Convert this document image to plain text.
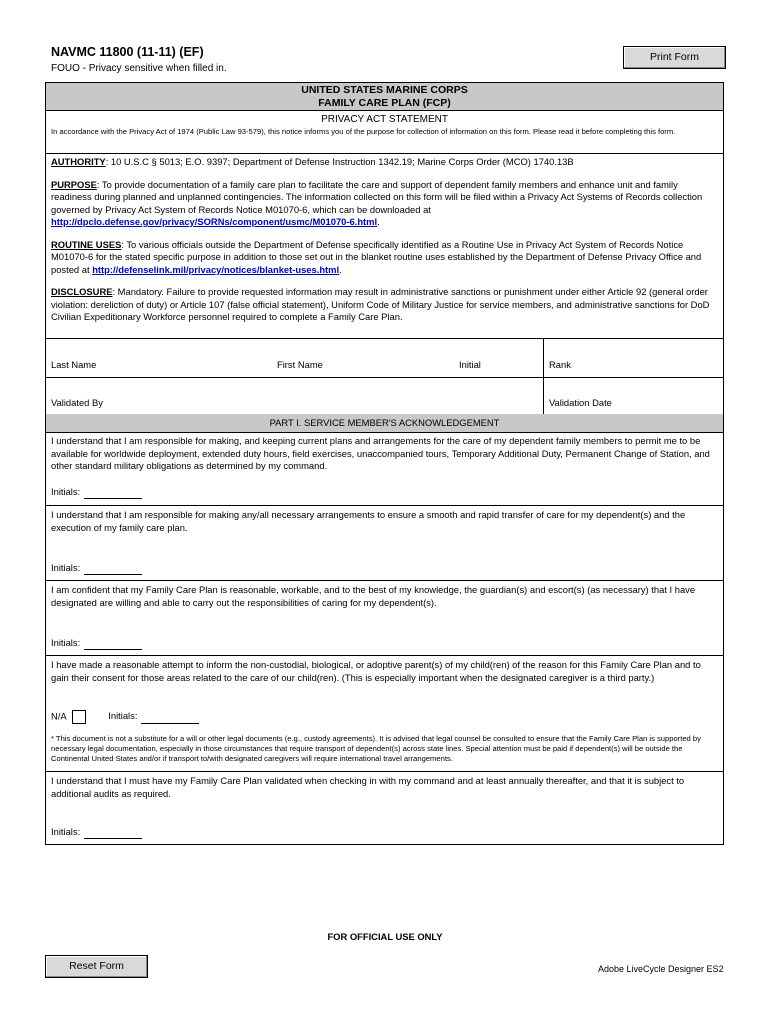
NAVMC 11800 (11-11) (EF)
FOUO - Privacy sensitive when filled in.
Print Form
UNITED STATES MARINE CORPS
FAMILY CARE PLAN (FCP)
PRIVACY ACT STATEMENT
In accordance with the Privacy Act of 1974 (Public Law 93-579), this notice informs you of the purpose for collection of information on this form. Please read it before completing this form.

AUTHORITY: 10 U.S.C § 5013; E.O. 9397; Department of Defense Instruction 1342.19; Marine Corps Order (MCO) 1740.13B

PURPOSE: To provide documentation of a family care plan to facilitate the care and support of dependent family members and enhance unit and family readiness during planned and unplanned contingencies. The information collected on this form will be filed within a Privacy Act Systems of Records collection governed by Privacy Act System of Records Notice M01070-6, which can be downloaded at http://dpclo.defense.gov/privacy/SORNs/component/usmc/M01070-6.html.

ROUTINE USES: To various officials outside the Department of Defense specifically identified as a Routine Use in Privacy Act System of Records Notice M01070-6 for the stated specific purpose in addition to those set out in the blanket routine uses established by the Department of Defense Privacy Office and posted at http://defenselink.mil/privacy/notices/blanket-uses.html.

DISCLOSURE: Mandatory. Failure to provide requested information may result in administrative sanctions or punishment under either Article 92 (general order violation: dereliction of duty) or Article 107 (false official statement), Uniform Code of Military Justice for service members, and administrative sanctions for DoD Civilian Expeditionary Workforce personnel required to complete a Family Care Plan.

Last Name	First Name	Initial	Rank
Validated By	Validation Date
PART I. SERVICE MEMBER'S ACKNOWLEDGEMENT
I understand that I am responsible for making, and keeping current plans and arrangements for the care of my dependent family members to permit me to be available for worldwide deployment, extended duty hours, field exercises, unaccompanied tours, Temporary Additional Duty, Permanent Change of Station, and other standard military obligations as determined by my command.
Initials:
I understand that I am responsible for making any/all necessary arrangements to ensure a smooth and rapid transfer of care for my dependent(s) and the execution of my family care plan.
Initials:
I am confident that my Family Care Plan is reasonable, workable, and to the best of my knowledge, the guardian(s) and escort(s) (as necessary) that I have designated are willing and able to carry out the responsibilities of caring for my dependent(s).
Initials:
I have made a reasonable attempt to inform the non-custodial, biological, or adoptive parent(s) of my child(ren) of the reason for this Family Care Plan and to gain their consent for those areas related to the care of our child(ren). (This is especially important when the designated caregiver is a third party.)
N/A	Initials:
* This document is not a substitute for a will or other legal documents (e.g., custody agreements). It is advised that legal counsel be consulted to ensure that the Family Care Plan is supported by necessary legal documentation, especially in those circumstances that require transport of dependent(s) across state lines. Special attention must be paid if dependent(s) will be outside the Continental United States and/or if transport to/with designated caregivers will require international travel arrangements.
I understand that I must have my Family Care Plan validated when checking in with my command and at least annually thereafter, and that it is subject to additional audits as required.
Initials:
FOR OFFICIAL USE ONLY
Reset Form	Adobe LiveCycle Designer ES2
